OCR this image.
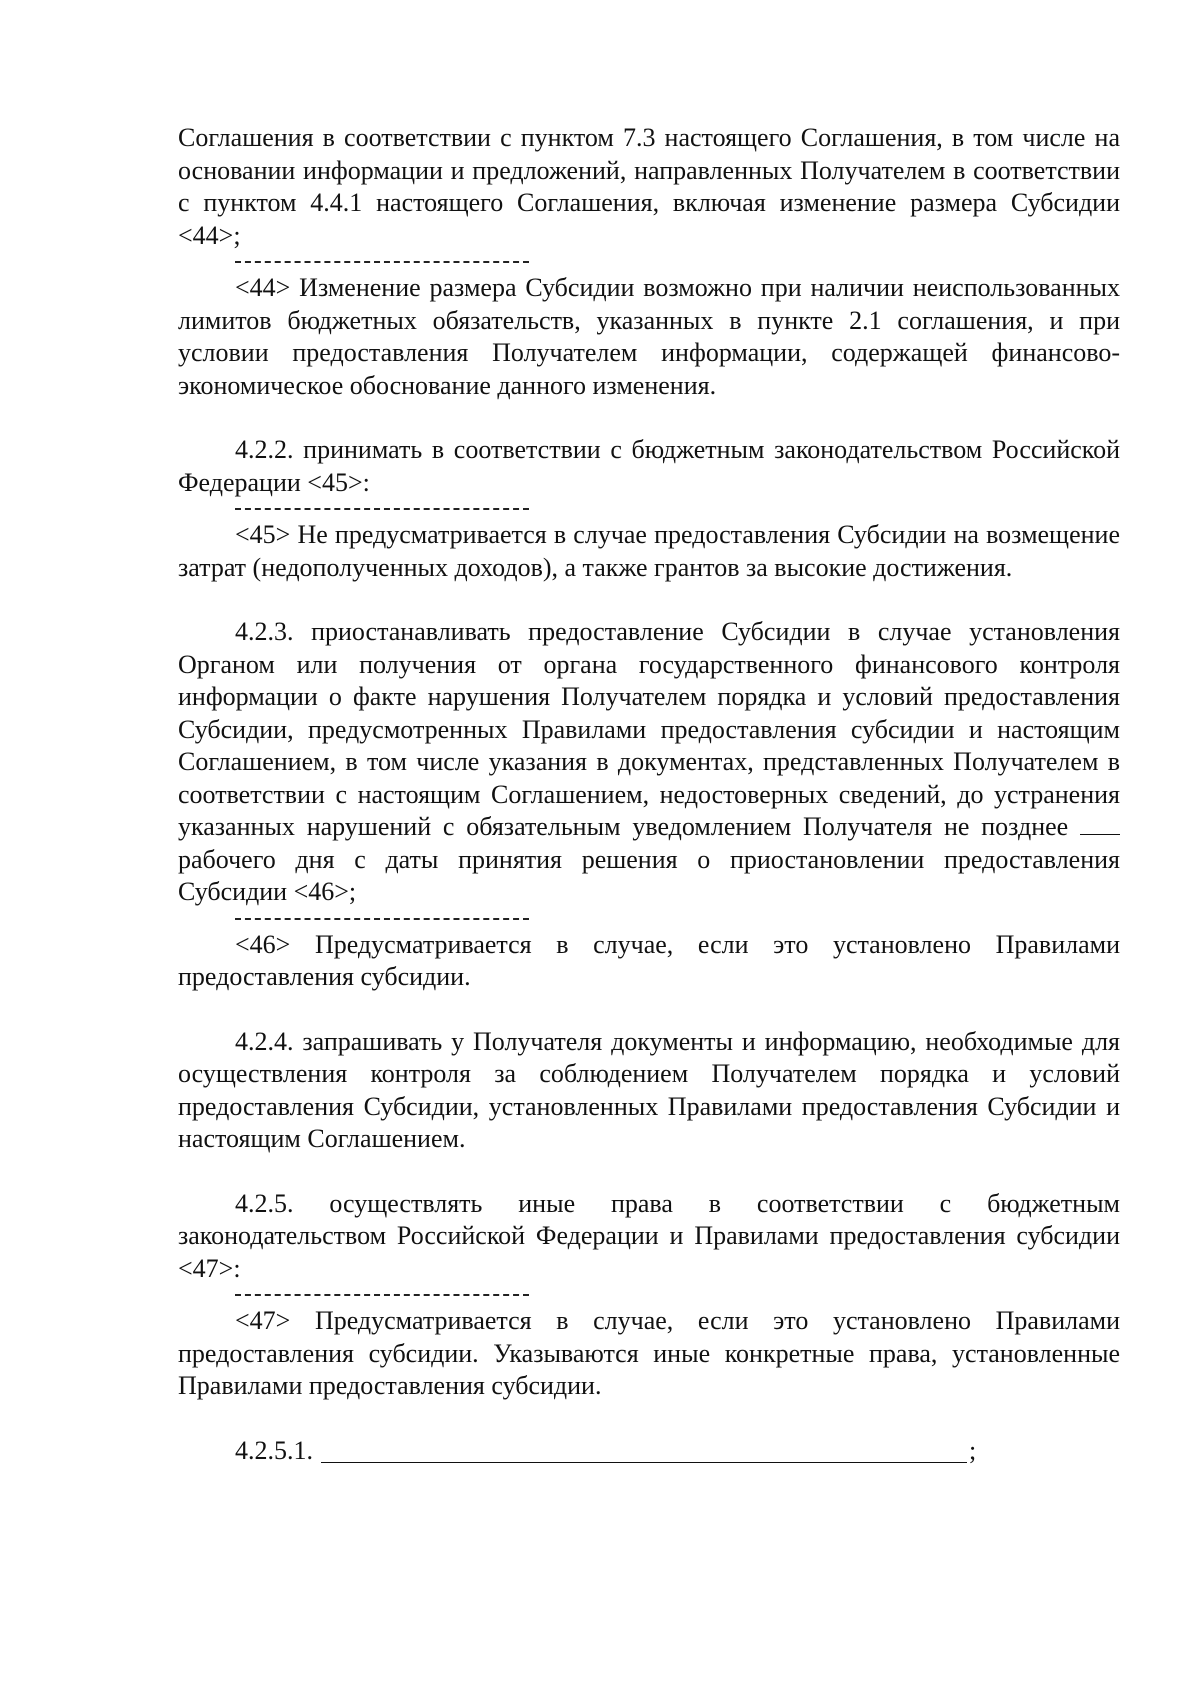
Соглашения в соответствии с пунктом 7.3 настоящего Соглашения, в том числе на основании информации и предложений, направленных Получателем в соответствии с пунктом 4.4.1 настоящего Соглашения, включая изменение размера Субсидии <44>;

<44> Изменение размера Субсидии возможно при наличии неиспользованных лимитов бюджетных обязательств, указанных в пункте 2.1 соглашения, и при условии предоставления Получателем информации, содержащей финансово-экономическое обоснование данного изменения.

4.2.2. принимать в соответствии с бюджетным законодательством Российской Федерации <45>:

<45> Не предусматривается в случае предоставления Субсидии на возмещение затрат (недополученных доходов), а также грантов за высокие достижения.

4.2.3. приостанавливать предоставление Субсидии в случае установления

Органом или получения от органа государственного финансового контроля информации о факте нарушения Получателем порядка и условий предоставления Субсидии, предусмотренных Правилами предоставления субсидии и настоящим Соглашением, в том числе указания в документах, представленных Получателем в соответствии с настоящим Соглашением, недостоверных сведений, до устранения указанных нарушений с обязательным уведомлением Получателя не позднее  рабочего дня с даты принятия решения о приостановлении предоставления Субсидии <46>;

<46> Предусматривается в случае, если это установлено Правилами предоставления субсидии.

4.2.4. запрашивать у Получателя документы и информацию, необходимые для осуществления контроля за соблюдением Получателем порядка и условий предоставления Субсидии, установленных Правилами предоставления Субсидии и настоящим Соглашением.

4.2.5. осуществлять иные права в соответствии с бюджетным законодательством Российской Федерации и Правилами предоставления субсидии <47>:

<47> Предусматривается в случае, если это установлено Правилами предоставления субсидии. Указываются иные конкретные права, установленные Правилами предоставления субсидии.

4.2.5.1.	;
